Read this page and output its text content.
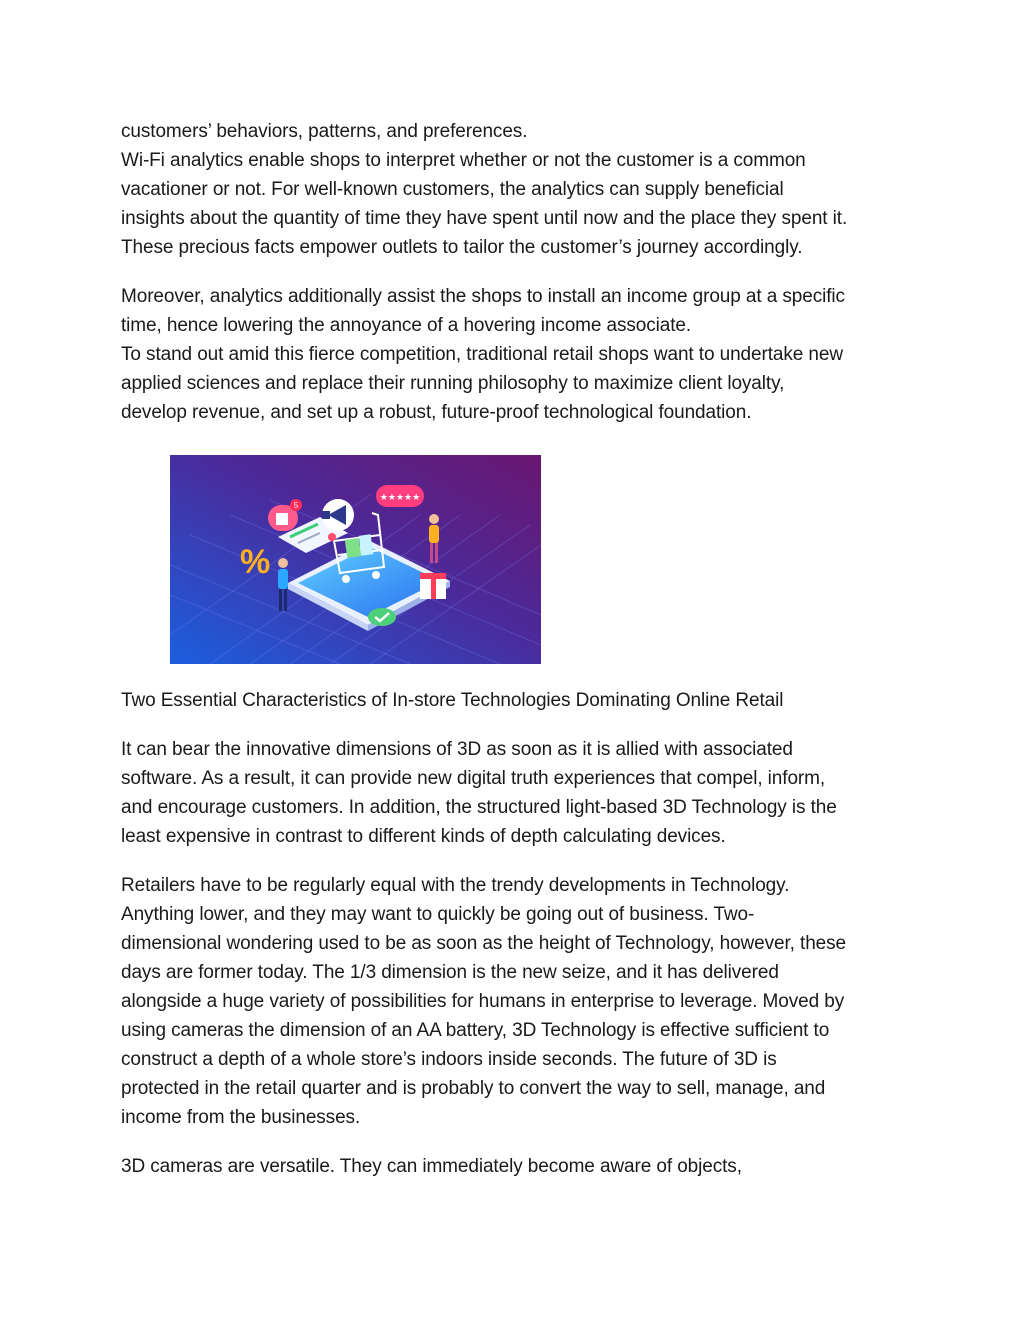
customers’ behaviors, patterns, and preferences.

Wi-Fi analytics enable shops to interpret whether or not the customer is a common

vacationer or not. For well-known customers, the analytics can supply beneficial

insights about the quantity of time they have spent until now and the place they spent it.

These precious facts empower outlets to tailor the customer’s journey accordingly.

Moreover, analytics additionally assist the shops to install an income group at a specific

time, hence lowering the annoyance of a hovering income associate.

To stand out amid this fierce competition, traditional retail shops want to undertake new

applied sciences and replace their running philosophy to maximize client loyalty,

develop revenue, and set up a robust, future-proof technological foundation.

5
★★★★★
%

Two Essential Characteristics of In-store Technologies Dominating Online Retail

It can bear the innovative dimensions of 3D as soon as it is allied with associated

software. As a result, it can provide new digital truth experiences that compel, inform,

and encourage customers. In addition, the structured light-based 3D Technology is the

least expensive in contrast to different kinds of depth calculating devices.

Retailers have to be regularly equal with the trendy developments in Technology.

Anything lower, and they may want to quickly be going out of business. Two-

dimensional wondering used to be as soon as the height of Technology, however, these

days are former today. The 1/3 dimension is the new seize, and it has delivered

alongside a huge variety of possibilities for humans in enterprise to leverage. Moved by

using cameras the dimension of an AA battery, 3D Technology is effective sufficient to

construct a depth of a whole store’s indoors inside seconds. The future of 3D is

protected in the retail quarter and is probably to convert the way to sell, manage, and

income from the businesses.

3D cameras are versatile. They can immediately become aware of objects,
